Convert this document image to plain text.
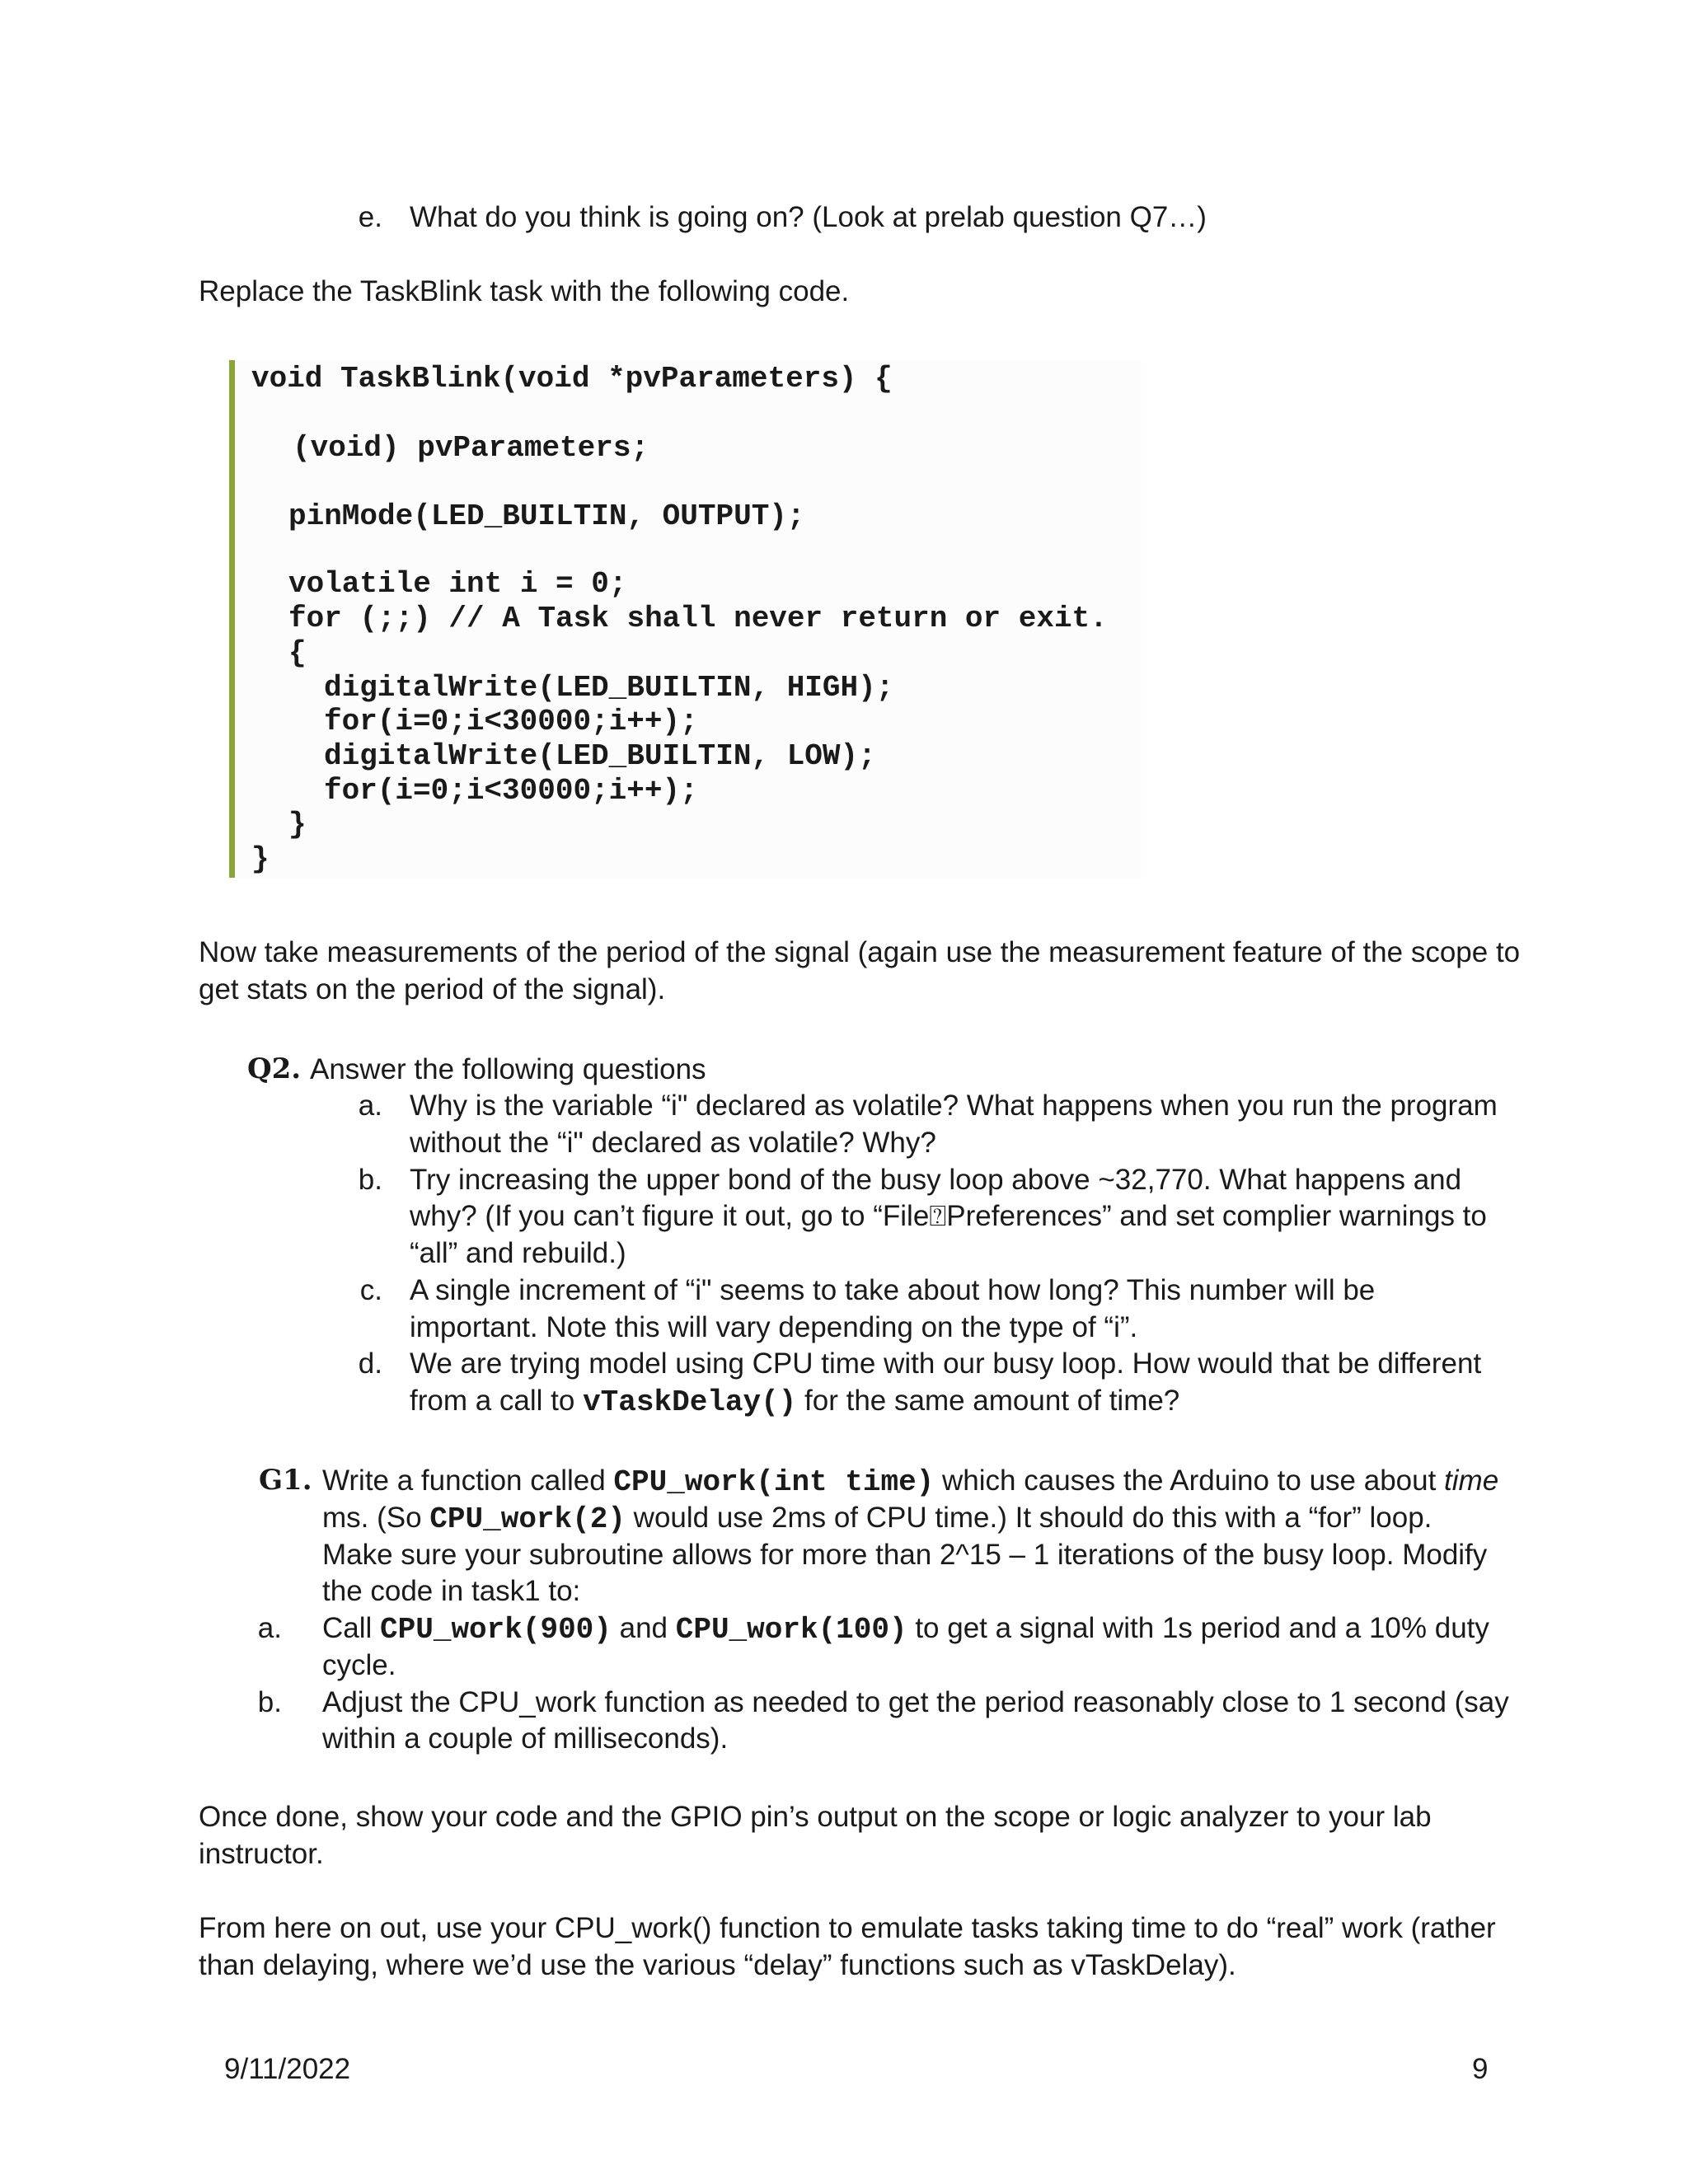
e. What do you think is going on? (Look at prelab question Q7…)
Replace the TaskBlink task with the following code.
void TaskBlink(void *pvParameters) {
(void) pvParameters;
pinMode(LED_BUILTIN, OUTPUT);
volatile int i = 0;
for (;;) // A Task shall never return or exit.
{
digitalWrite(LED_BUILTIN, HIGH);
for(i=0;i<30000;i++);
digitalWrite(LED_BUILTIN, LOW);
for(i=0;i<30000;i++);
}
}
Now take measurements of the period of the signal (again use the measurement feature of the scope to
get stats on the period of the signal).
Q2. Answer the following questions
a. Why is the variable “i" declared as volatile? What happens when you run the program
without the “i" declared as volatile? Why?
b. Try increasing the upper bond of the busy loop above ~32,770. What happens and
why? (If you can’t figure it out, go to “File⍰Preferences” and set complier warnings to
“all” and rebuild.)
c. A single increment of “i" seems to take about how long? This number will be
important. Note this will vary depending on the type of “i”.
d. We are trying model using CPU time with our busy loop. How would that be different
from a call to vTaskDelay() for the same amount of time?
G1. Write a function called CPU_work(int time) which causes the Arduino to use about time
ms. (So CPU_work(2) would use 2ms of CPU time.) It should do this with a “for” loop.
Make sure your subroutine allows for more than 2^15 – 1 iterations of the busy loop. Modify
the code in task1 to:
a. Call CPU_work(900) and CPU_work(100) to get a signal with 1s period and a 10% duty
cycle.
b. Adjust the CPU_work function as needed to get the period reasonably close to 1 second (say
within a couple of milliseconds).
Once done, show your code and the GPIO pin’s output on the scope or logic analyzer to your lab
instructor.
From here on out, use your CPU_work() function to emulate tasks taking time to do “real” work (rather
than delaying, where we’d use the various “delay” functions such as vTaskDelay).
9/11/2022	9
